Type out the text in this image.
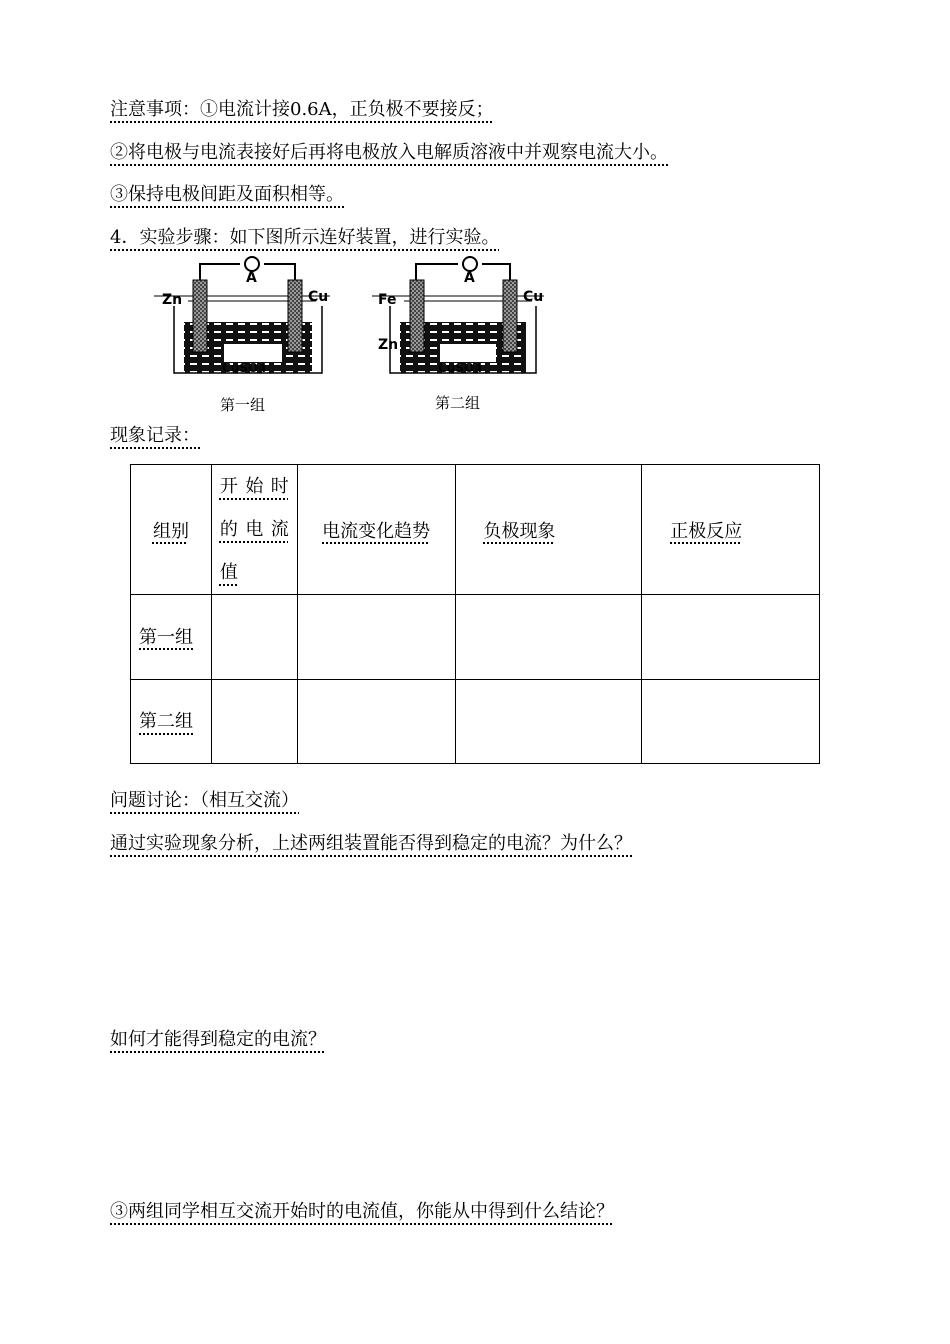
注意事项：①电流计接0.6A，正负极不要接反；
②将电极与电流表接好后再将电极放入电解质溶液中并观察电流大小。
③保持电极间距及面积相等。
4．实验步骤：如下图所示连好装置，进行实验。
A
Zn	Cu
CuSO4
第一组
A
Fe
Zn
Cu
CuSO4
第二组
现象记录：
组别	开始时的电流值	电流变化趋势	负极现象	正极反应
第一组				
第二组				
问题讨论：（相互交流）
通过实验现象分析，上述两组装置能否得到稳定的电流？为什么？
如何才能得到稳定的电流？
③两组同学相互交流开始时的电流值，你能从中得到什么结论？
